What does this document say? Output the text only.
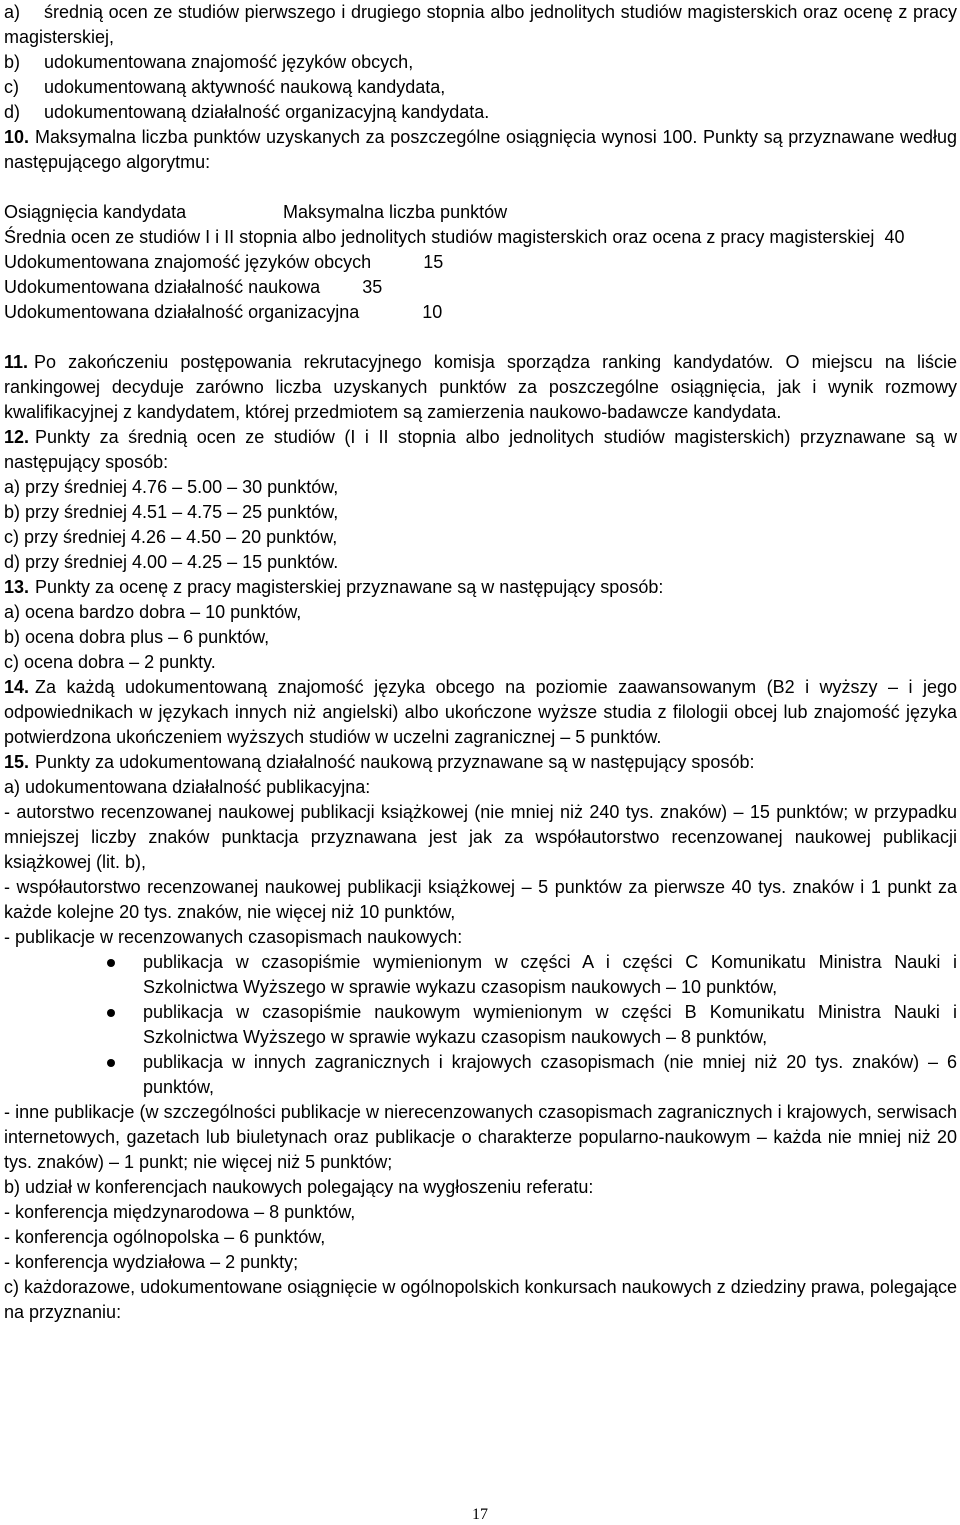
a) średnią ocen ze studiów pierwszego i drugiego stopnia albo jednolitych studiów magisterskich oraz ocenę z pracy magisterskiej,

b) udokumentowana znajomość języków obcych,

c) udokumentowaną aktywność naukową kandydata,

d) udokumentowaną działalność organizacyjną kandydata.

10. Maksymalna liczba punktów uzyskanych za poszczególne osiągnięcia wynosi 100. Punkty są przyznawane według następującego algorytmu:

Osiągnięcia kandydata	Maksymalna liczba punktów

Średnia ocen ze studiów I i II stopnia albo jednolitych studiów magisterskich oraz ocena z pracy magisterskiej 40

Udokumentowana znajomość języków obcych	15

Udokumentowana działalność naukowa 35

Udokumentowana działalność organizacyjna	10

11. Po zakończeniu postępowania rekrutacyjnego komisja sporządza ranking kandydatów. O miejscu na liście rankingowej decyduje zarówno liczba uzyskanych punktów za poszczególne osiągnięcia, jak i wynik rozmowy kwalifikacyjnej z kandydatem, której przedmiotem są zamierzenia naukowo-badawcze kandydata.

12. Punkty za średnią ocen ze studiów (I i II stopnia albo jednolitych studiów magisterskich) przyznawane są w następujący sposób:

a) przy średniej 4.76 – 5.00 – 30 punktów,

b) przy średniej 4.51 – 4.75 – 25 punktów,

c) przy średniej 4.26 – 4.50 – 20 punktów,

d) przy średniej 4.00 – 4.25 – 15 punktów.

13. Punkty za ocenę z pracy magisterskiej przyznawane są w następujący sposób:

a) ocena bardzo dobra – 10 punktów,

b) ocena dobra plus – 6 punktów,

c) ocena dobra – 2 punkty.

14. Za każdą udokumentowaną znajomość języka obcego na poziomie zaawansowanym (B2 i wyższy – i jego odpowiednikach w językach innych niż angielski) albo ukończone wyższe studia z filologii obcej lub znajomość języka potwierdzona ukończeniem wyższych studiów w uczelni zagranicznej – 5 punktów.

15. Punkty za udokumentowaną działalność naukową przyznawane są w następujący sposób:

a) udokumentowana działalność publikacyjna:

- autorstwo recenzowanej naukowej publikacji książkowej (nie mniej niż 240 tys. znaków) – 15 punktów; w przypadku mniejszej liczby znaków punktacja przyznawana jest jak za współautorstwo recenzowanej naukowej publikacji książkowej (lit. b),

- współautorstwo recenzowanej naukowej publikacji książkowej – 5 punktów za pierwsze 40 tys. znaków i 1 punkt za każde kolejne 20 tys. znaków, nie więcej niż 10 punktów,

- publikacje w recenzowanych czasopismach naukowych:

publikacja w czasopiśmie wymienionym w części A i części C Komunikatu Ministra Nauki i Szkolnictwa Wyższego w sprawie wykazu czasopism naukowych – 10 punktów,

publikacja w czasopiśmie naukowym wymienionym w części B Komunikatu Ministra Nauki i Szkolnictwa Wyższego w sprawie wykazu czasopism naukowych – 8 punktów,

publikacja w innych zagranicznych i krajowych czasopismach (nie mniej niż 20 tys. znaków) – 6 punktów,

- inne publikacje (w szczególności publikacje w nierecenzowanych czasopismach zagranicznych i krajowych, serwisach internetowych, gazetach lub biuletynach oraz publikacje o charakterze popularno-naukowym – każda nie mniej niż 20 tys. znaków) – 1 punkt; nie więcej niż 5 punktów;

b) udział w konferencjach naukowych polegający na wygłoszeniu referatu:

- konferencja międzynarodowa – 8 punktów,

- konferencja ogólnopolska – 6 punktów,

- konferencja wydziałowa – 2 punkty;

c) każdorazowe, udokumentowane osiągnięcie w ogólnopolskich konkursach naukowych z dziedziny prawa, polegające na przyznaniu:

17
